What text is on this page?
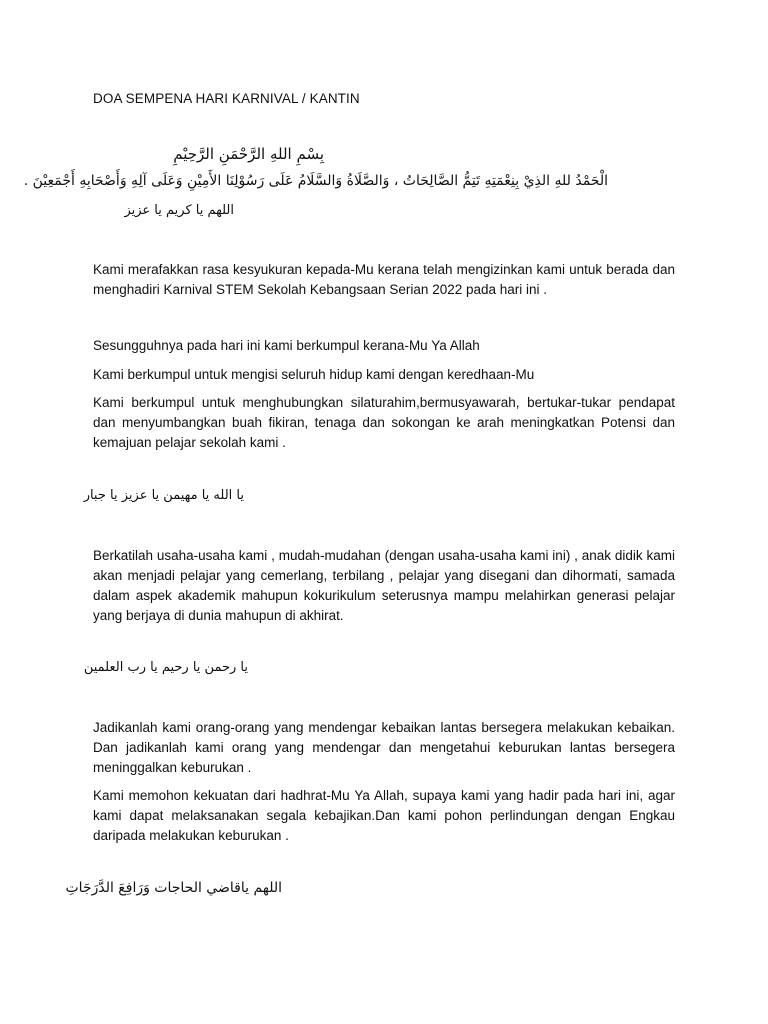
DOA SEMPENA HARI KARNIVAL / KANTIN
بِسْمِ اللهِ الرَّحْمَنِ الرَّحِيْمِ
الْحَمْدُ للهِ الذِيْ بِنِعْمَتِهِ تَتِمُّ الصَّالِحَاتُ ، وَالصَّلَاةُ وَالسَّلَامُ عَلَى رَسُوْلِنَا الأَمِيْنِ وَعَلَى آلِهِ وَأَصْحَابِهِ أَجْمَعِيْنَ .
اللهم يا كريم يا عزيز

Kami merafakkan rasa kesyukuran kepada-Mu kerana telah mengizinkan kami untuk berada dan menghadiri Karnival STEM Sekolah Kebangsaan Serian 2022 pada hari ini .

Sesungguhnya pada hari ini kami berkumpul kerana-Mu Ya Allah

Kami berkumpul untuk mengisi seluruh hidup kami dengan keredhaan-Mu

Kami berkumpul untuk menghubungkan silaturahim,bermusyawarah, bertukar-tukar pendapat dan menyumbangkan buah fikiran, tenaga dan sokongan ke arah meningkatkan Potensi dan kemajuan pelajar sekolah kami .

يا الله يا مهيمن يا عزيز يا جبار

Berkatilah usaha-usaha kami , mudah-mudahan (dengan usaha-usaha kami ini) , anak didik kami akan menjadi pelajar yang cemerlang, terbilang , pelajar yang disegani dan dihormati, samada dalam aspek akademik mahupun kokurikulum seterusnya mampu melahirkan generasi pelajar yang berjaya di dunia mahupun di akhirat.

يا رحمن يا رحيم يا رب العلمين

Jadikanlah kami orang-orang yang mendengar kebaikan lantas bersegera melakukan kebaikan. Dan jadikanlah kami orang yang mendengar dan mengetahui keburukan lantas bersegera meninggalkan keburukan .

Kami memohon kekuatan dari hadhrat-Mu Ya Allah, supaya kami yang hadir pada hari ini, agar kami dapat melaksanakan segala kebajikan.Dan kami pohon perlindungan dengan Engkau daripada melakukan keburukan .

اللهم ياقاضي الحاجات وَرَافِعَ الدَّرَجَاتِ
